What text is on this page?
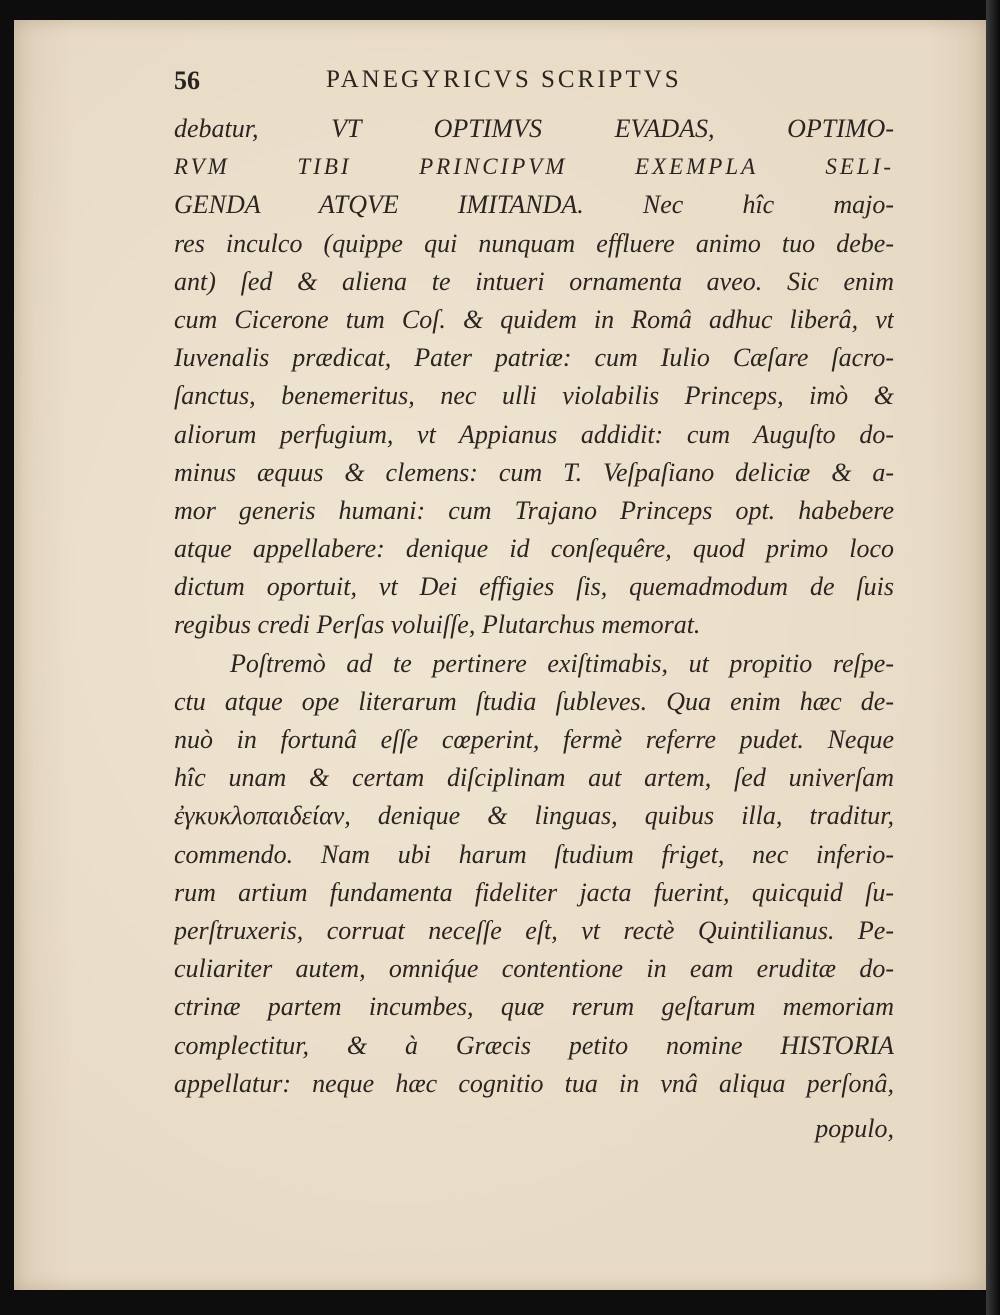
56	PANEGYRICVS SCRIPTVS
debatur, VT OPTIMVS EVADAS, OPTIMO-
RVM TIBI PRINCIPVM EXEMPLA SELI-
GENDA ATQVE IMITANDA. Nec hîc majo-
res inculco (quippe qui nunquam effluere animo tuo debe-
ant) ſed & aliena te intueri ornamenta aveo. Sic enim
cum Cicerone tum Coſ. & quidem in Româ adhuc liberâ, vt
Iuvenalis prædicat, Pater patriæ: cum Iulio Cæſare ſacro-
ſanctus, benemeritus, nec ulli violabilis Princeps, imò &
aliorum perfugium, vt Appianus addidit: cum Auguſto do-
minus æquus & clemens: cum T. Veſpaſiano deliciæ & a-
mor generis humani: cum Trajano Princeps opt. habebere
atque appellabere: denique id conſequêre, quod primo loco
dictum oportuit, vt Dei effigies ſis, quemadmodum de ſuis
regibus credi Perſas voluiſſe, Plutarchus memorat.
Poſtremò ad te pertinere exiſtimabis, ut propitio reſpe-
ctu atque ope literarum ſtudia ſubleves. Qua enim hæc de-
nuò in fortunâ eſſe cœperint, fermè referre pudet. Neque
hîc unam & certam diſciplinam aut artem, ſed univerſam
ἐγκυκλοπαιδείαν, denique & linguas, quibus illa, traditur,
commendo. Nam ubi harum ſtudium friget, nec inferio-
rum artium fundamenta fideliter jacta fuerint, quicquid ſu-
perſtruxeris, corruat neceſſe eſt, vt rectè Quintilianus. Pe-
culiariter autem, omniq́ue contentione in eam eruditæ do-
ctrinæ partem incumbes, quæ rerum geſtarum memoriam
complectitur, & à Græcis petito nomine HISTORIA
appellatur: neque hæc cognitio tua in vnâ aliqua perſonâ,
populo,
